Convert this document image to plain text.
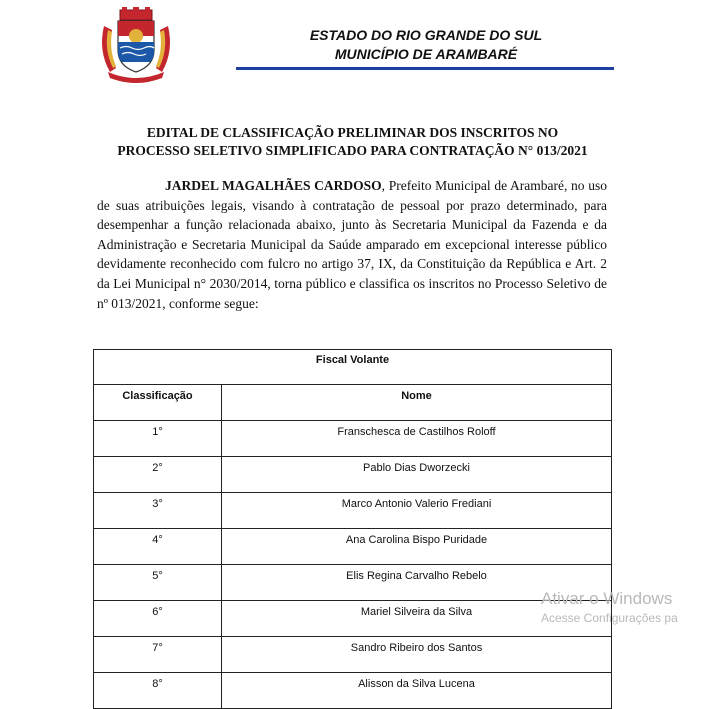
ESTADO DO RIO GRANDE DO SUL
MUNICÍPIO DE ARAMBARÉ
EDITAL DE CLASSIFICAÇÃO PRELIMINAR DOS INSCRITOS NO
PROCESSO SELETIVO SIMPLIFICADO PARA CONTRATAÇÃO N° 013/2021
JARDEL MAGALHÃES CARDOSO, Prefeito Municipal de Arambaré, no uso de suas atribuições legais, visando à contratação de pessoal por prazo determinado, para desempenhar a função relacionada abaixo, junto às Secretaria Municipal da Fazenda e da Administração e Secretaria Municipal da Saúde amparado em excepcional interesse público devidamente reconhecido com fulcro no artigo 37, IX, da Constituição da República e Art. 2 da Lei Municipal n° 2030/2014, torna público e classifica os inscritos no Processo Seletivo de nº 013/2021, conforme segue:
Fiscal Volante	
Classificação	Nome
1°	Franschesca de Castilhos Roloff
2°	Pablo Dias Dworzecki
3°	Marco Antonio Valerio Frediani
4°	Ana Carolina Bispo Puridade
5°	Elis Regina Carvalho Rebelo
6°	Mariel Silveira da Silva
7°	Sandro Ribeiro dos Santos
8°	Alisson da Silva Lucena
Ativar o Windows
Acesse Configurações pa
